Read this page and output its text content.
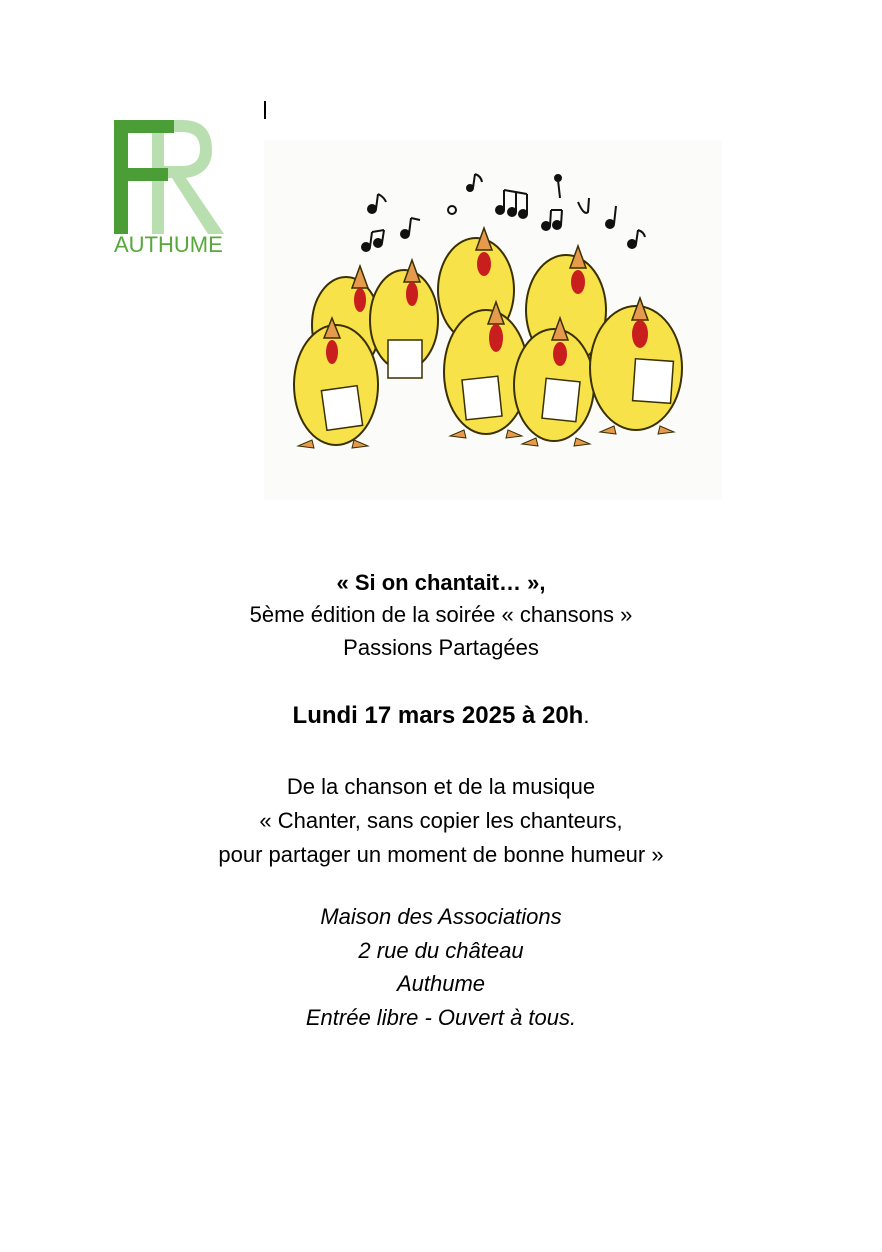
AUTHUME
« Si on chantait… »,
5ème édition de la soirée « chansons »
Passions Partagées
Lundi 17 mars 2025 à 20h.
De la chanson et de la musique
« Chanter, sans copier les chanteurs,
pour partager un moment de bonne humeur »
Maison des Associations
2 rue du château
Authume
Entrée libre - Ouvert à tous.
